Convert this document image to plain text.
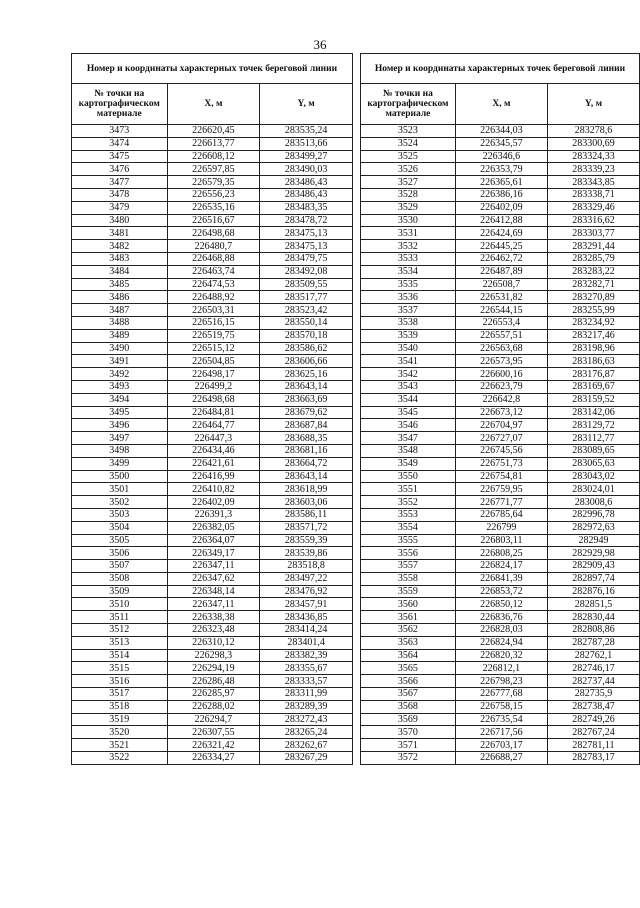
36
Номер и координаты характерных точек береговой линии		
№ точки на картографическом материале	X, м	Y, м
3473	226620,45	283535,24
3474	226613,77	283513,66
3475	226608,12	283499,27
3476	226597,85	283490,03
3477	226579,35	283486,43
3478	226556,23	283486,43
3479	226535,16	283483,35
3480	226516,67	283478,72
3481	226498,68	283475,13
3482	226480,7	283475,13
3483	226468,88	283479,75
3484	226463,74	283492,08
3485	226474,53	283509,55
3486	226488,92	283517,77
3487	226503,31	283523,42
3488	226516,15	283550,14
3489	226519,75	283570,18
3490	226515,12	283586,62
3491	226504,85	283606,66
3492	226498,17	283625,16
3493	226499,2	283643,14
3494	226498,68	283663,69
3495	226484,81	283679,62
3496	226464,77	283687,84
3497	226447,3	283688,35
3498	226434,46	283681,16
3499	226421,61	283664,72
3500	226416,99	283643,14
3501	226410,82	283618,99
3502	226402,09	283603,06
3503	226391,3	283586,11
3504	226382,05	283571,72
3505	226364,07	283559,39
3506	226349,17	283539,86
3507	226347,11	283518,8
3508	226347,62	283497,22
3509	226348,14	283476,92
3510	226347,11	283457,91
3511	226338,38	283436,85
3512	226323,48	283414,24
3513	226310,12	283401,4
3514	226298,3	283382,39
3515	226294,19	283355,67
3516	226286,48	283333,57
3517	226285,97	283311,99
3518	226288,02	283289,39
3519	226294,7	283272,43
3520	226307,55	283265,24
3521	226321,42	283262,67
3522	226334,27	283267,29
Номер и координаты характерных точек береговой линии		
№ точки на картографическом материале	X, м	Y, м
3523	226344,03	283278,6
3524	226345,57	283300,69
3525	226346,6	283324,33
3526	226353,79	283339,23
3527	226365,61	283343,85
3528	226386,16	283338,71
3529	226402,09	283329,46
3530	226412,88	283316,62
3531	226424,69	283303,77
3532	226445,25	283291,44
3533	226462,72	283285,79
3534	226487,89	283283,22
3535	226508,7	283282,71
3536	226531,82	283270,89
3537	226544,15	283255,99
3538	226553,4	283234,92
3539	226557,51	283217,46
3540	226563,68	283198,96
3541	226573,95	283186,63
3542	226600,16	283176,87
3543	226623,79	283169,67
3544	226642,8	283159,52
3545	226673,12	283142,06
3546	226704,97	283129,72
3547	226727,07	283112,77
3548	226745,56	283089,65
3549	226751,73	283065,63
3550	226754,81	283043,02
3551	226759,95	283024,01
3552	226771,77	283008,6
3553	226785,64	282996,78
3554	226799	282972,63
3555	226803,11	282949
3556	226808,25	282929,98
3557	226824,17	282909,43
3558	226841,39	282897,74
3559	226853,72	282876,16
3560	226850,12	282851,5
3561	226836,76	282830,44
3562	226828,03	282808,86
3563	226824,94	282787,28
3564	226820,32	282762,1
3565	226812,1	282746,17
3566	226798,23	282737,44
3567	226777,68	282735,9
3568	226758,15	282738,47
3569	226735,54	282749,26
3570	226717,56	282767,24
3571	226703,17	282781,11
3572	226688,27	282783,17
